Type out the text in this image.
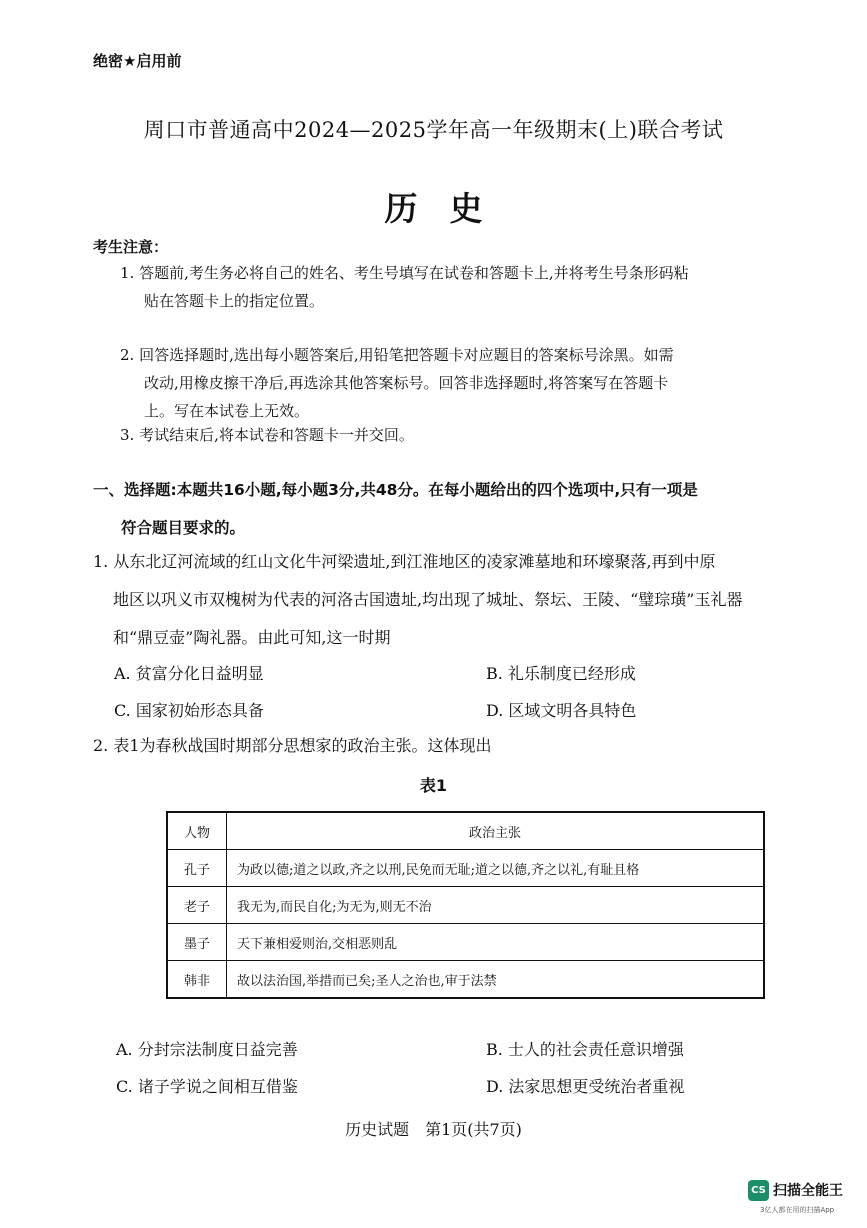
绝密★启用前
周口市普通高中2024—2025学年高一年级期末(上)联合考试
历史
考生注意：
1. 答题前,考生务必将自己的姓名、考生号填写在试卷和答题卡上,并将考生号条形码粘
贴在答题卡上的指定位置。
2. 回答选择题时,选出每小题答案后,用铅笔把答题卡对应题目的答案标号涂黑。如需
改动,用橡皮擦干净后,再选涂其他答案标号。回答非选择题时,将答案写在答题卡
上。写在本试卷上无效。
3. 考试结束后,将本试卷和答题卡一并交回。
一、选择题:本题共16小题,每小题3分,共48分。在每小题给出的四个选项中,只有一项是
符合题目要求的。
1. 从东北辽河流域的红山文化牛河梁遗址,到江淮地区的凌家滩墓地和环壕聚落,再到中原
地区以巩义市双槐树为代表的河洛古国遗址,均出现了城址、祭坛、王陵、“璧琮璜”玉礼器
和“鼎豆壶”陶礼器。由此可知,这一时期
A. 贫富分化日益明显	B. 礼乐制度已经形成
C. 国家初始形态具备	D. 区域文明各具特色
2. 表1为春秋战国时期部分思想家的政治主张。这体现出
表1
人物	政治主张
孔子	为政以德;道之以政,齐之以刑,民免而无耻;道之以德,齐之以礼,有耻且格
老子	我无为,而民自化;为无为,则无不治
墨子	天下兼相爱则治,交相恶则乱
韩非	故以法治国,举措而已矣;圣人之治也,审于法禁
A. 分封宗法制度日益完善	B. 士人的社会责任意识增强
C. 诸子学说之间相互借鉴	D. 法家思想更受统治者重视
历史试题　第1页(共7页)
CS 扫描全能王
3亿人都在用的扫描App
